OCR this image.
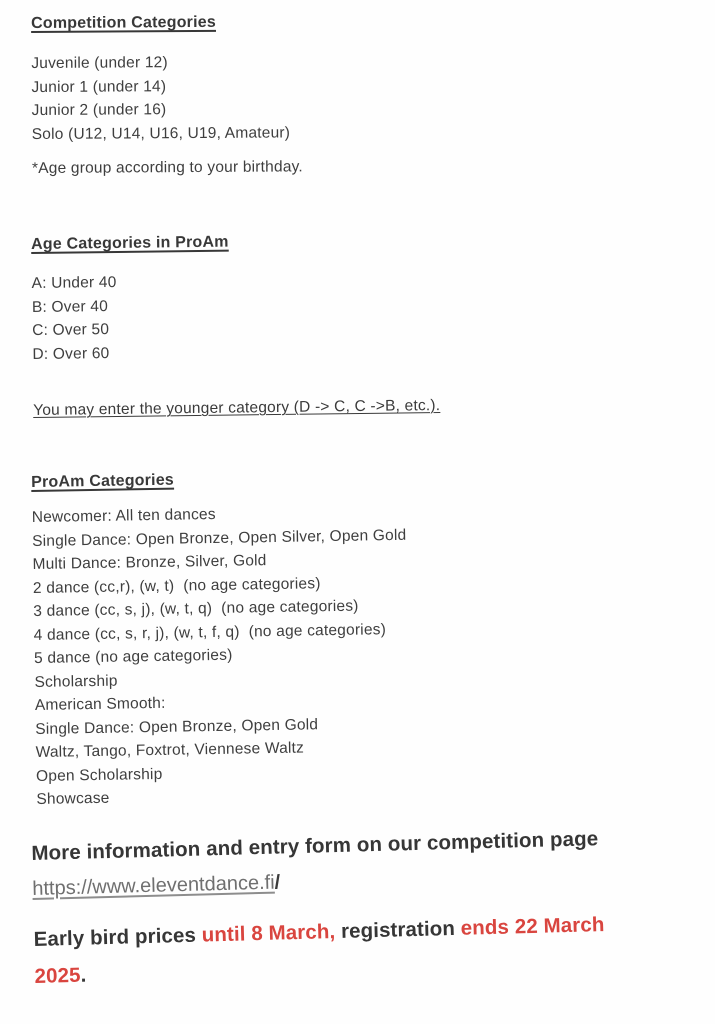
Competition Categories
Juvenile (under 12)
Junior 1 (under 14)
Junior 2 (under 16)
Solo (U12, U14, U16, U19, Amateur)
*Age group according to your birthday.
Age Categories in ProAm
A: Under 40
B: Over 40
C: Over 50
D: Over 60
You may enter the younger category (D -> C, C ->B, etc.).
ProAm Categories
Newcomer: All ten dances
Single Dance: Open Bronze, Open Silver, Open Gold
Multi Dance: Bronze, Silver, Gold
2 dance (cc,r), (w, t)  (no age categories)
3 dance (cc, s, j), (w, t, q)  (no age categories)
4 dance (cc, s, r, j), (w, t, f, q)  (no age categories)
5 dance (no age categories)
Scholarship
American Smooth:
Single Dance: Open Bronze, Open Gold
Waltz, Tango, Foxtrot, Viennese Waltz
Open Scholarship
Showcase
More information and entry form on our competition page
https://www.eleventdance.fi/
Early bird prices until 8 March, registration ends 22 March
2025.
